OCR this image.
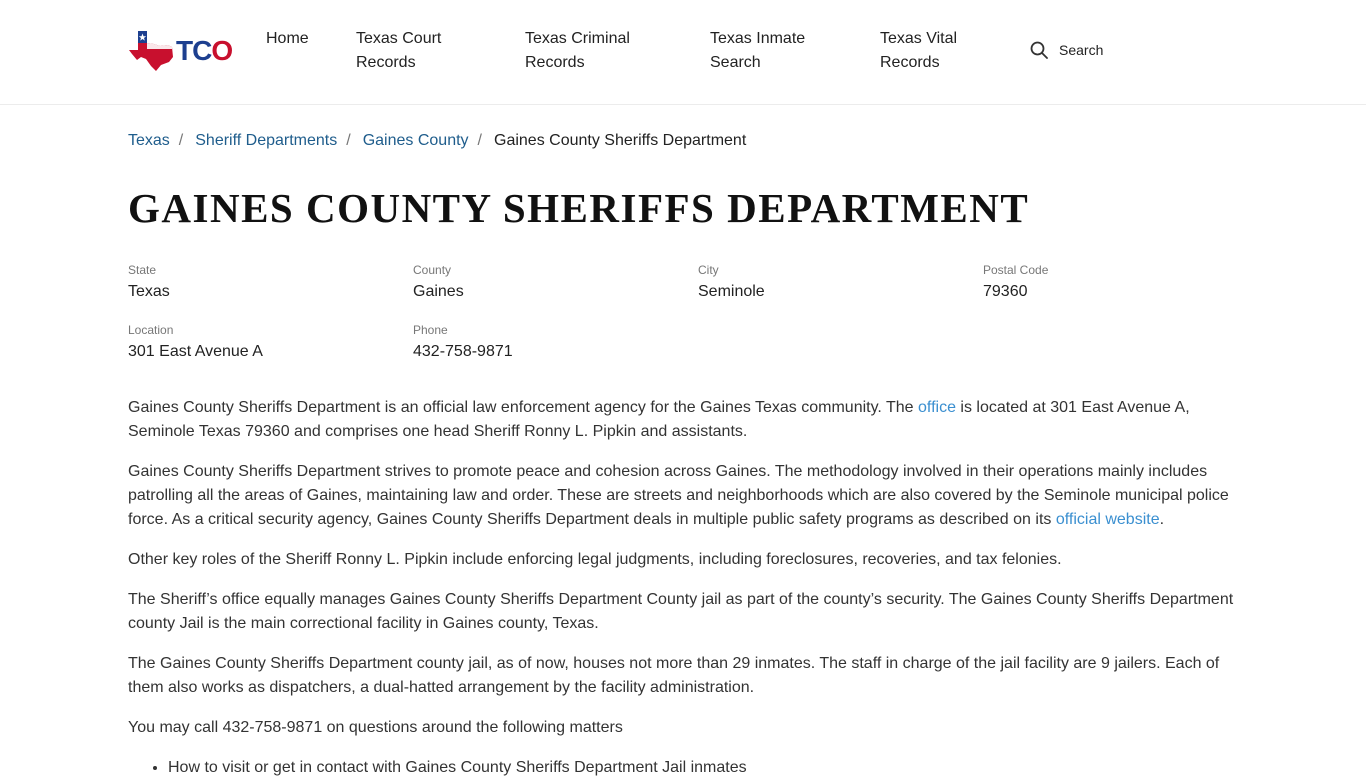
TCO Home	Texas Court
Records
Texas Criminal
Records
Texas Inmate
Search
Texas Vital
Records
Search
Texas / Sheriff Departments / Gaines County / Gaines County Sheriffs Department
GAINES COUNTY SHERIFFS DEPARTMENT
State
Texas
County
Gaines
City
Seminole
Postal Code
79360
Location
301 East Avenue A
Phone
432-758-9871

Gaines County Sheriffs Department is an official law enforcement agency for the Gaines Texas community. The office is located at 301 East Avenue A, Seminole Texas 79360 and comprises one head Sheriff Ronny L. Pipkin and assistants.

Gaines County Sheriffs Department strives to promote peace and cohesion across Gaines. The methodology involved in their operations mainly includes patrolling all the areas of Gaines, maintaining law and order. These are streets and neighborhoods which are also covered by the Seminole municipal police force. As a critical security agency, Gaines County Sheriffs Department deals in multiple public safety programs as described on its official website.

Other key roles of the Sheriff Ronny L. Pipkin include enforcing legal judgments, including foreclosures, recoveries, and tax felonies.

The Sheriff’s office equally manages Gaines County Sheriffs Department County jail as part of the county’s security. The Gaines County Sheriffs Department county Jail is the main correctional facility in Gaines county, Texas.

The Gaines County Sheriffs Department county jail, as of now, houses not more than 29 inmates. The staff in charge of the jail facility are 9 jailers. Each of them also works as dispatchers, a dual-hatted arrangement by the facility administration.

You may call 432-758-9871 on questions around the following matters

• How to visit or get in contact with Gaines County Sheriffs Department Jail inmates
